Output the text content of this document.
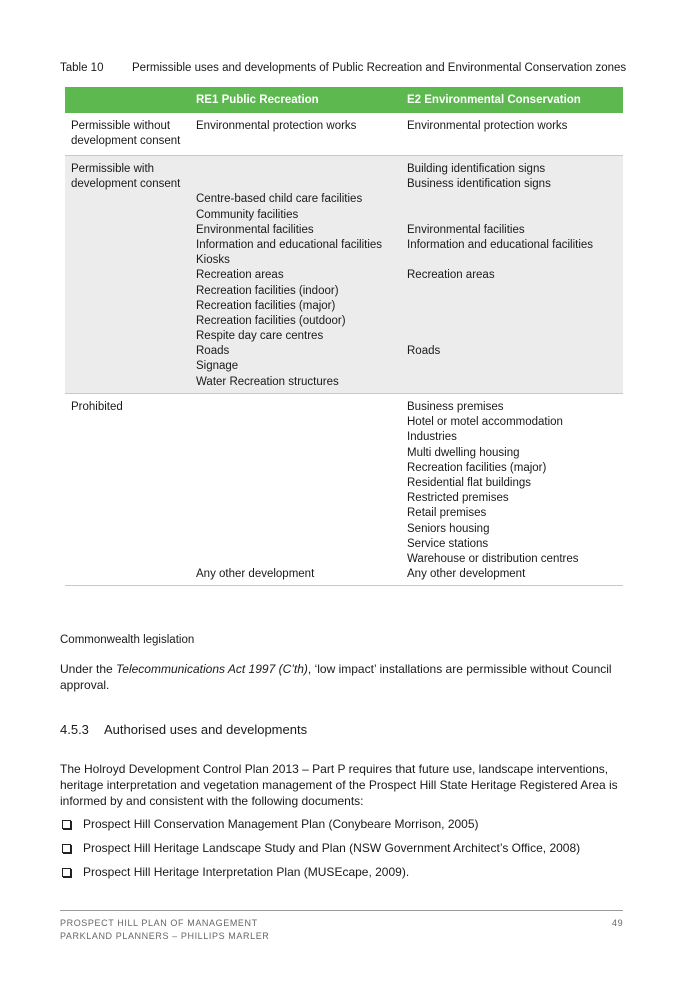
Table 10 Permissible uses and developments of Public Recreation and Environmental Conservation zones
RE1 Public Recreation	E2 Environmental Conservation
Permissible without
development consent
Environmental protection works	Environmental protection works
Permissible with
development consent
Centre-based child care facilities
Community facilities
Environmental facilities
Information and educational facilities
Kiosks
Recreation areas
Recreation facilities (indoor)
Recreation facilities (major)
Recreation facilities (outdoor)
Respite day care centres
Roads
Signage
Water Recreation structures
Building identification signs
Business identification signs
Environmental facilities
Information and educational facilities
Recreation areas
Roads
Prohibited
Any other development
Business premises
Hotel or motel accommodation
Industries
Multi dwelling housing
Recreation facilities (major)
Residential flat buildings
Restricted premises
Retail premises
Seniors housing
Service stations
Warehouse or distribution centres
Any other development
Commonwealth legislation
Under the Telecommunications Act 1997 (C’th), ‘low impact’ installations are permissible without Council
approval.
4.5.3 Authorised uses and developments
The Holroyd Development Control Plan 2013 – Part P requires that future use, landscape interventions,
heritage interpretation and vegetation management of the Prospect Hill State Heritage Registered Area is
informed by and consistent with the following documents:
Prospect Hill Conservation Management Plan (Conybeare Morrison, 2005)
Prospect Hill Heritage Landscape Study and Plan (NSW Government Architect’s Office, 2008)
Prospect Hill Heritage Interpretation Plan (MUSEcape, 2009).
PROSPECT HILL PLAN OF MANAGEMENT
PARKLAND PLANNERS – PHILLIPS MARLER
49
